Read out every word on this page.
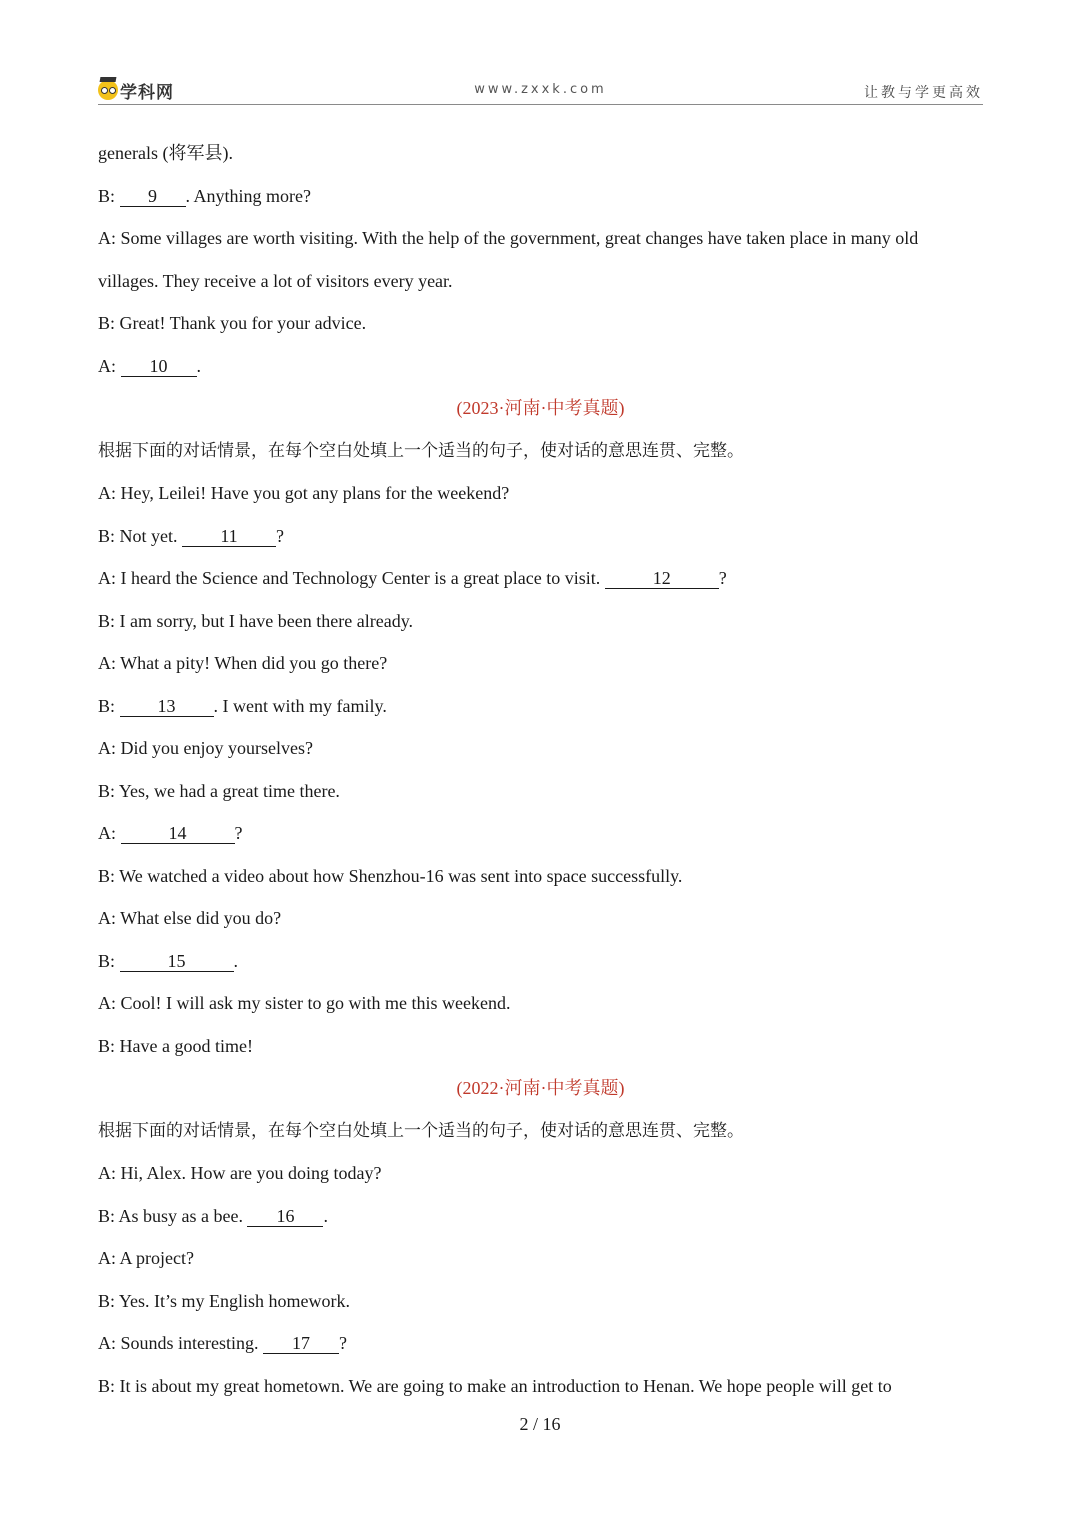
学科网	www.zxxk.com	让教与学更高效
generals (将军县).
B: 9 . Anything more?
A: Some villages are worth visiting. With the help of the government, great changes have taken place in many old
villages. They receive a lot of visitors every year.
B: Great! Thank you for your advice.
A: 10 .
(2023·河南·中考真题)
根据下面的对话情景，在每个空白处填上一个适当的句子，使对话的意思连贯、完整。
A: Hey, Leilei! Have you got any plans for the weekend?
B: Not yet. 11 ?
A: I heard the Science and Technology Center is a great place to visit.	12	?
B: I am sorry, but I have been there already.
A: What a pity! When did you go there?
B: 13 . I went with my family.
A: Did you enjoy yourselves?
B: Yes, we had a great time there.
A:	14	?
B: We watched a video about how Shenzhou-16 was sent into space successfully.
A: What else did you do?
B:	15	.
A: Cool! I will ask my sister to go with me this weekend.
B: Have a good time!
(2022·河南·中考真题)
根据下面的对话情景，在每个空白处填上一个适当的句子，使对话的意思连贯、完整。
A: Hi, Alex. How are you doing today?
B: As busy as a bee. 16 .
A: A project?
B: Yes. It’s my English homework.
A: Sounds interesting. 17 ?
B: It is about my great hometown. We are going to make an introduction to Henan. We hope people will get to
2 / 16
